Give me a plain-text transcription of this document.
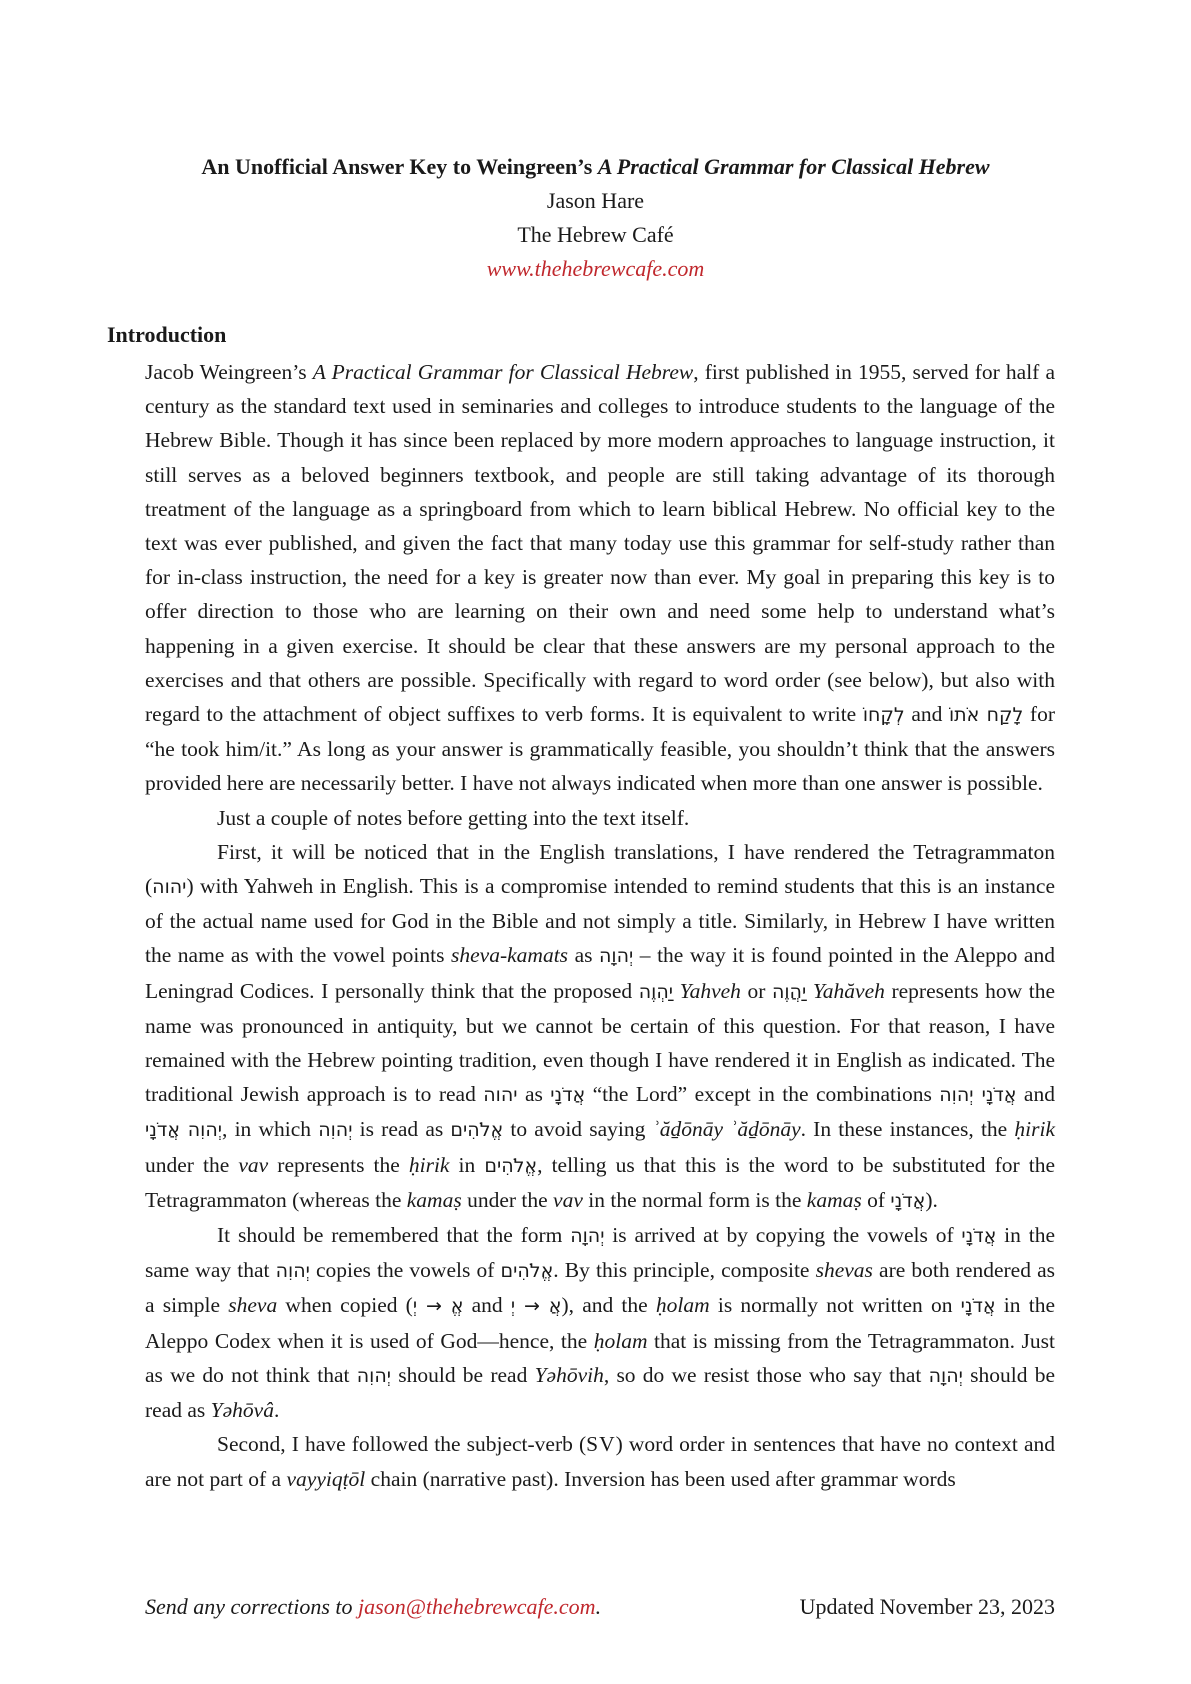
An Unofficial Answer Key to Weingreen’s A Practical Grammar for Classical Hebrew

Jason Hare

The Hebrew Café

www.thehebrewcafe.com

Introduction

Jacob Weingreen’s A Practical Grammar for Classical Hebrew, first published in 1955, served for half a century as the standard text used in seminaries and colleges to introduce students to the language of the Hebrew Bible. Though it has since been replaced by more modern approaches to language instruction, it still serves as a beloved beginners textbook, and people are still taking advantage of its thorough treatment of the language as a springboard from which to learn biblical Hebrew. No official key to the text was ever published, and given the fact that many today use this grammar for self-study rather than for in-class instruction, the need for a key is greater now than ever. My goal in preparing this key is to offer direction to those who are learning on their own and need some help to understand what’s happening in a given exercise. It should be clear that these answers are my personal approach to the exercises and that others are possible. Specifically with regard to word order (see below), but also with regard to the attachment of object suffixes to verb forms. It is equivalent to write לְקָחוֹ and לָקַח אֹתוֹ for “he took him/it.” As long as your answer is grammatically feasible, you shouldn’t think that the answers provided here are necessarily better. I have not always indicated when more than one answer is possible.

Just a couple of notes before getting into the text itself.

First, it will be noticed that in the English translations, I have rendered the Tetragrammaton (יהוה) with Yahweh in English. This is a compromise intended to remind students that this is an instance of the actual name used for God in the Bible and not simply a title. Similarly, in Hebrew I have written the name as with the vowel points sheva-kamats as יְהוָה – the way it is found pointed in the Aleppo and Leningrad Codices. I personally think that the proposed יַהְוֶה Yahveh or יַהֲוֶה Yahăveh represents how the name was pronounced in antiquity, but we cannot be certain of this question. For that reason, I have remained with the Hebrew pointing tradition, even though I have rendered it in English as indicated. The traditional Jewish approach is to read יהוה as אֲדֹנָי “the Lord” except in the combinations אֲדֹנָי יְהוִה and יְהוִה אֲדֹנָי, in which יְהוִה is read as אֱלֹהִים to avoid saying ʾăḏōnāy ʾăḏōnāy. In these instances, the ḥirik under the vav represents the ḥirik in אֱלֹהִים, telling us that this is the word to be substituted for the Tetragrammaton (whereas the kamaṣ under the vav in the normal form is the kamaṣ of אֲדֹנָי).

It should be remembered that the form יְהוָה is arrived at by copying the vowels of אֲדֹנָי in the same way that יְהוִה copies the vowels of אֱלֹהִים. By this principle, composite shevas are both rendered as a simple sheva when copied (אֱ → יְ and אֲ → יְ), and the ḥolam is normally not written on אֲדֹנָי in the Aleppo Codex when it is used of God—hence, the ḥolam that is missing from the Tetragrammaton. Just as we do not think that יְהוִה should be read Yəhōvih, so do we resist those who say that יְהוָה should be read as Yəhōvâ.

Second, I have followed the subject-verb (SV) word order in sentences that have no context and are not part of a vayyiqṭōl chain (narrative past). Inversion has been used after grammar words

Send any corrections to jason@thehebrewcafe.com.	Updated November 23, 2023
